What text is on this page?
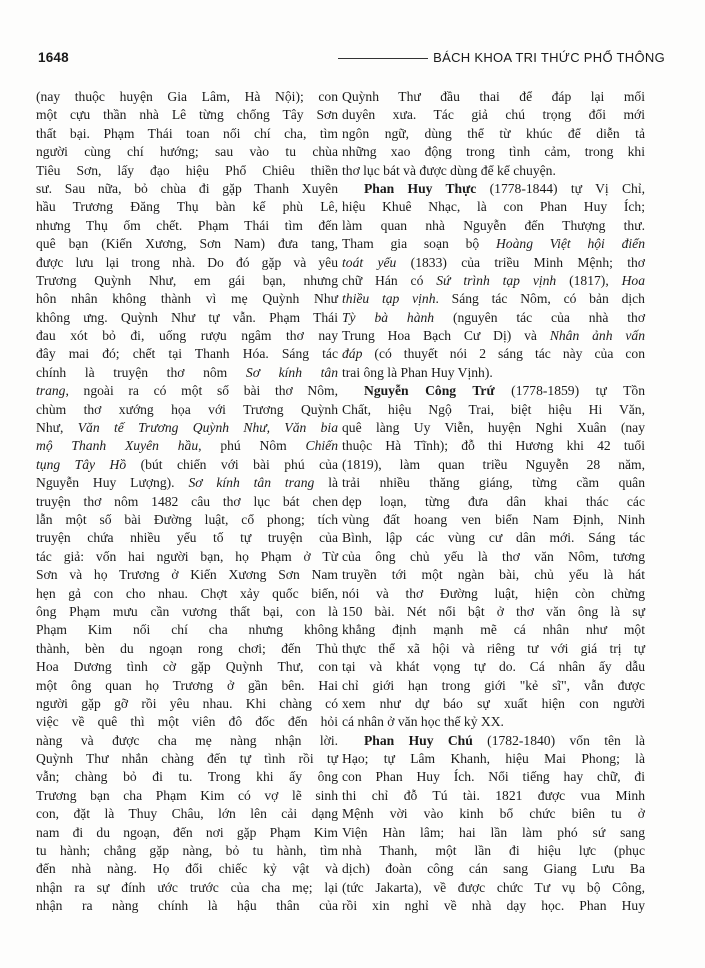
1648	BÁCH KHOA TRI THỨC PHỔ THÔNG
(nay thuộc huyện Gia Lâm, Hà Nội); con
một cựu thần nhà Lê từng chống Tây Sơn
thất bại. Phạm Thái toan nối chí cha, tìm
người cùng chí hướng; sau vào tu chùa
Tiêu Sơn, lấy đạo hiệu Phổ Chiêu thiền
sư. Sau nữa, bỏ chùa đi gặp Thanh Xuyên
hầu Trương Đăng Thụ bàn kế phù Lê,
nhưng Thụ ốm chết. Phạm Thái tìm đến
quê bạn (Kiến Xương, Sơn Nam) đưa tang,
được lưu lại trong nhà. Do đó gặp và yêu
Trương Quỳnh Như, em gái bạn, nhưng
hôn nhân không thành vì mẹ Quỳnh Như
không ưng. Quỳnh Như tự vẫn. Phạm Thái
đau xót bỏ đi, uống rượu ngâm thơ nay
đây mai đó; chết tại Thanh Hóa. Sáng tác
chính là truyện thơ nôm Sơ kính tân
trang, ngoài ra có một số bài thơ Nôm,
chùm thơ xướng họa với Trương Quỳnh
Như, Văn tế Trương Quỳnh Như, Văn bia
mộ Thanh Xuyên hầu, phú Nôm Chiến
tụng Tây Hồ (bút chiến với bài phú của
Nguyễn Huy Lượng). Sơ kính tân trang là
truyện thơ nôm 1482 câu thơ lục bát chen
lẫn một số bài Đường luật, cổ phong; tích
truyện chứa nhiều yếu tố tự truyện của
tác giả: vốn hai người bạn, họ Phạm ở Từ
Sơn và họ Trương ở Kiến Xương Sơn Nam
hẹn gả con cho nhau. Chợt xảy quốc biến,
ông Phạm mưu cần vương thất bại, con là
Phạm Kim nối chí cha nhưng không
thành, bèn du ngoạn rong chơi; đến Thủ
Hoa Dương tình cờ gặp Quỳnh Thư, con
một ông quan họ Trương ở gần bên. Hai
người gặp gỡ rồi yêu nhau. Khi chàng có
việc về quê thì một viên đô đốc đến hỏi
nàng và được cha mẹ nàng nhận lời.
Quỳnh Thư nhắn chàng đến tự tình rồi tự
vẫn; chàng bỏ đi tu. Trong khi ấy ông
Trương bạn cha Phạm Kim có vợ lẽ sinh
con, đặt là Thuy Châu, lớn lên cải dạng
nam đi du ngoạn, đến nơi gặp Phạm Kim
tu hành; chẳng gặp nàng, bỏ tu hành, tìm
đến nhà nàng. Họ đổi chiếc kỷ vật và
nhận ra sự đính ước trước của cha mẹ; lại
nhận ra nàng chính là hậu thân của
Quỳnh Thư đầu thai để đáp lại mối
duyên xưa. Tác giả chú trọng đổi mới
ngôn ngữ, dùng thể từ khúc để diễn tả
những xao động trong tình cảm, trong khi
thơ lục bát và được dùng để kể chuyện.
Phan Huy Thực (1778-1844) tự Vị Chỉ,
hiệu Khuê Nhạc, là con Phan Huy Ích;
làm quan nhà Nguyễn đến Thượng thư.
Tham gia soạn bộ Hoàng Việt hội điển
toát yếu (1833) của triều Minh Mệnh; thơ
chữ Hán có Sứ trình tạp vịnh (1817), Hoa
thiều tạp vịnh. Sáng tác Nôm, có bản dịch
Tỳ bà hành (nguyên tác của nhà thơ
Trung Hoa Bạch Cư Dị) và Nhân ảnh vấn
đáp (có thuyết nói 2 sáng tác này của con
trai ông là Phan Huy Vịnh).
Nguyễn Công Trứ (1778-1859) tự Tồn
Chất, hiệu Ngộ Trai, biệt hiệu Hi Văn,
quê làng Uy Viễn, huyện Nghi Xuân (nay
thuộc Hà Tĩnh); đỗ thi Hương khi 42 tuổi
(1819), làm quan triều Nguyễn 28 năm,
trải nhiều thăng giáng, từng cầm quân
dẹp loạn, từng đưa dân khai thác các
vùng đất hoang ven biển Nam Định, Ninh
Bình, lập các vùng cư dân mới. Sáng tác
của ông chủ yếu là thơ văn Nôm, tương
truyền tới một ngàn bài, chủ yếu là hát
nói và thơ Đường luật, hiện còn chừng
150 bài. Nét nổi bật ở thơ văn ông là sự
khẳng định mạnh mẽ cá nhân như một
thực thể xã hội và riêng tư với giá trị tự
tại và khát vọng tự do. Cá nhân ấy dẫu
chỉ giới hạn trong giới "kẻ sĩ", vẫn được
xem như dự báo sự xuất hiện con người
cá nhân ở văn học thế kỷ XX.
Phan Huy Chú (1782-1840) vốn tên là
Hạo; tự Lâm Khanh, hiệu Mai Phong; là
con Phan Huy Ích. Nổi tiếng hay chữ, đi
thi chỉ đỗ Tú tài. 1821 được vua Minh
Mệnh vời vào kinh bổ chức biên tu ở
Viện Hàn lâm; hai lần làm phó sứ sang
nhà Thanh, một lần đi hiệu lực (phục
dịch) đoàn công cán sang Giang Lưu Ba
(tức Jakarta), về được chức Tư vụ bộ Công,
rồi xin nghỉ về nhà dạy học. Phan Huy
